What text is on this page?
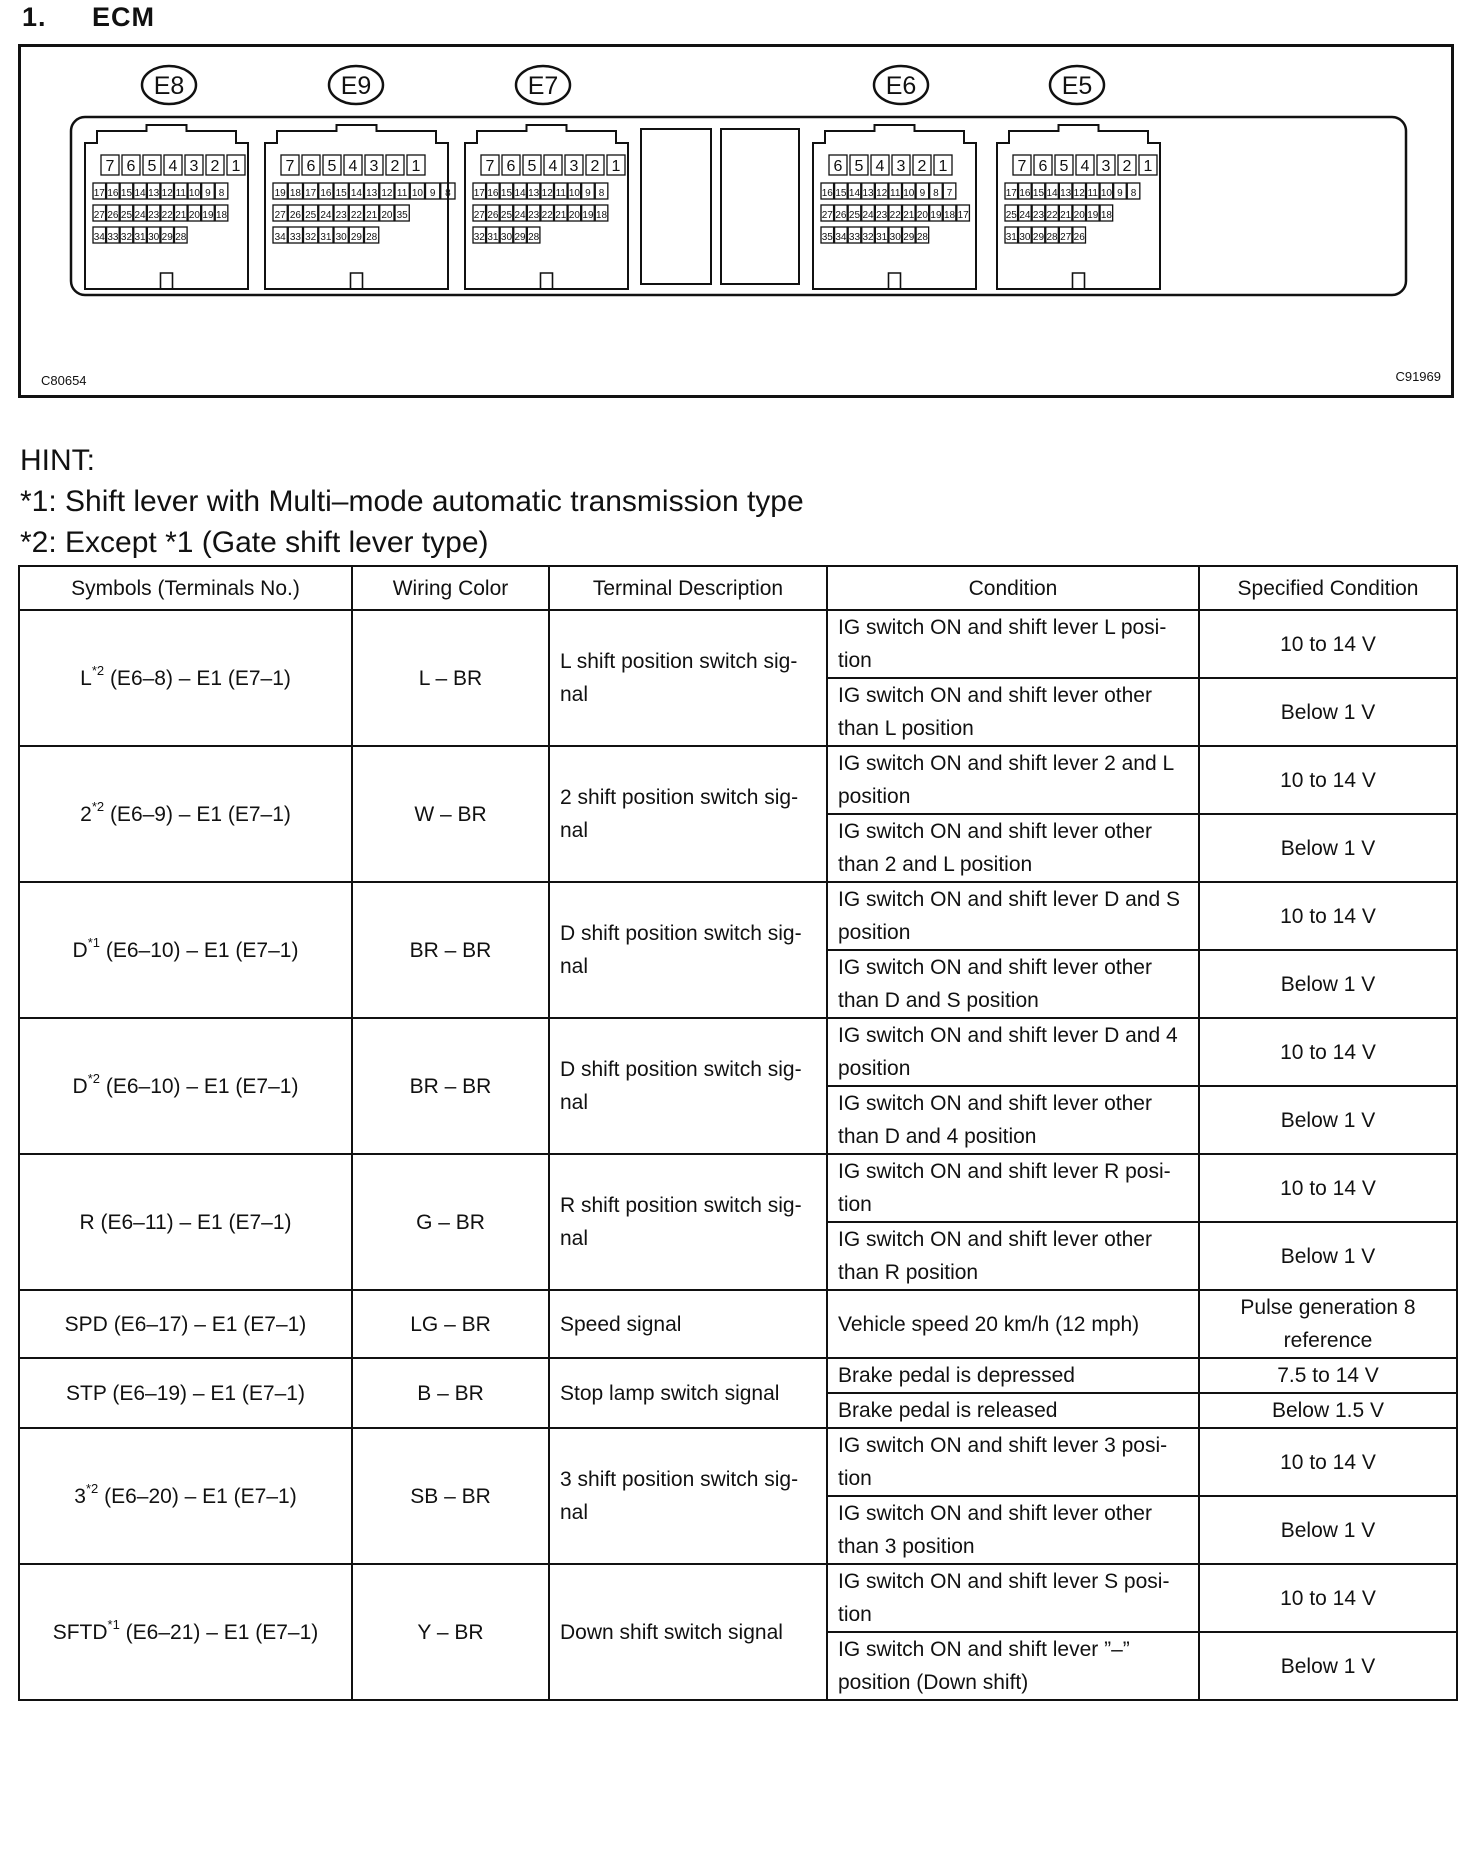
1. ECM
E8
7 6 5 4 3 2 1
17 16 15 14 13 12 11 10 9 8
27 26 25 24 23 22 21 20 19 18
34 33 32 31 30 29 28
E9
7 6 5 4 3 2 1
19 18 17 16 15 14 13 12 11 10 9 8
27 26 25 24 23 22 21 20 35
34 33 32 31 30 29 28
E7
7 6 5 4 3 2 1
17 16 15 14 13 12 11 10 9 8
27 26 25 24 23 22 21 20 19 18
32 31 30 29 28
E6
6 5 4 3 2 1
16 15 14 13 12 11 10 9 8 7
27 26 25 24 23 22 21 20 19 18 17
35 34 33 32 31 30 29 28
E5
7 6 5 4 3 2 1
17 16 15 14 13 12 11 10 9 8
25 24 23 22 21 20 19 18
31 30 29 28 27 26
C80654	C91969
HINT:
*1: Shift lever with Multi–mode automatic transmission type
*2: Except *1 (Gate shift lever type)
Symbols (Terminals No.)	Wiring Color	Terminal Description	Condition	Specified Condition
$L^{*2}$ (E6–8) – E1 (E7–1)	L – BR	L shift position switch sig- nal	IG switch ON and shift lever L posi- tion	10 to 14 V
			IG switch ON and shift lever other than L position	Below 1 V
2$^{*2}$ (E6–9) – E1 (E7–1)	W – BR	2 shift position switch sig- nal	IG switch ON and shift lever 2 and L position	10 to 14 V
			IG switch ON and shift lever other than 2 and L position	Below 1 V
$D^{*1}$ (E6–10) – E1 (E7–1)	BR – BR	D shift position switch sig- nal	IG switch ON and shift lever D and S position	10 to 14 V
			IG switch ON and shift lever other than D and S position	Below 1 V
$D^{*2}$ (E6–10) – E1 (E7–1)	BR – BR	D shift position switch sig- nal	IG switch ON and shift lever D and 4 position	10 to 14 V
			IG switch ON and shift lever other than D and 4 position	Below 1 V
R (E6–11) – E1 (E7–1)	G – BR	R shift position switch sig- nal	IG switch ON and shift lever R posi- tion	10 to 14 V
			IG switch ON and shift lever other than R position	Below 1 V
SPD (E6–17) – E1 (E7–1)	LG – BR	Speed signal	Vehicle speed 20 km/h (12 mph)	Pulse generation 8 reference
STP (E6–19) – E1 (E7–1)	B – BR	Stop lamp switch signal	Brake pedal is depressed	7.5 to 14 V
			Brake pedal is released	Below 1.5 V
3$^{*2}$ (E6–20) – E1 (E7–1)	SB – BR	3 shift position switch sig- nal	IG switch ON and shift lever 3 posi- tion	10 to 14 V
			IG switch ON and shift lever other than 3 position	Below 1 V
SFTD$^{*1}$ (E6–21) – E1 (E7–1)	Y – BR	Down shift switch signal	IG switch ON and shift lever S posi- tion	10 to 14 V
			IG switch ON and shift lever ”–” position (Down shift)	Below 1 V
